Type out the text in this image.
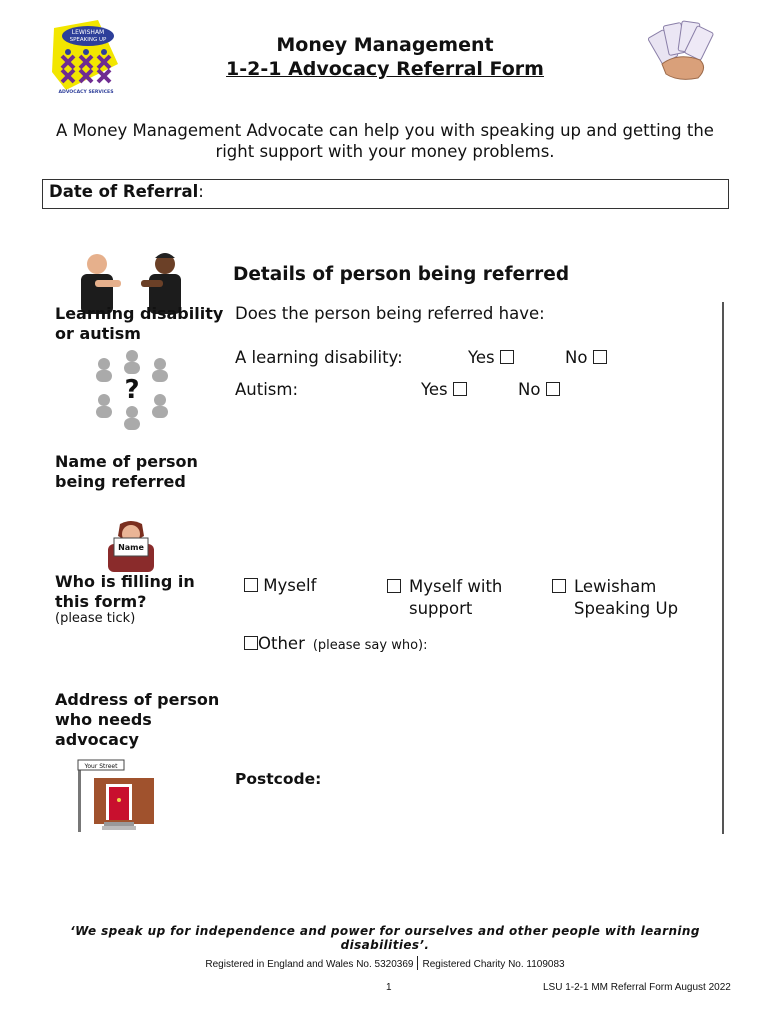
LEWISHAM
SPEAKING UP
ADVOCACY SERVICES
Money Management
1-2-1 Advocacy Referral Form
A Money Management Advocate can help you with speaking up and getting the right support with your money problems.
Date of Referral:
Learning disability or autism
?
Details of person being referred
Does the person being referred have:
A learning disability:	Yes	No
Autism:	Yes	No
Name of person being referred
Name
Who is filling in this form?
(please tick)
Myself	Myself with support
Lewisham Speaking Up
Other (please say who):
Address of person who needs advocacy
Your Street
Postcode:
‘We speak up for independence and power for ourselves and other people with learning disabilities’.
Registered in England and Wales No. 5320369 Registered Charity No. 1109083
1	LSU 1-2-1 MM Referral Form August 2022
